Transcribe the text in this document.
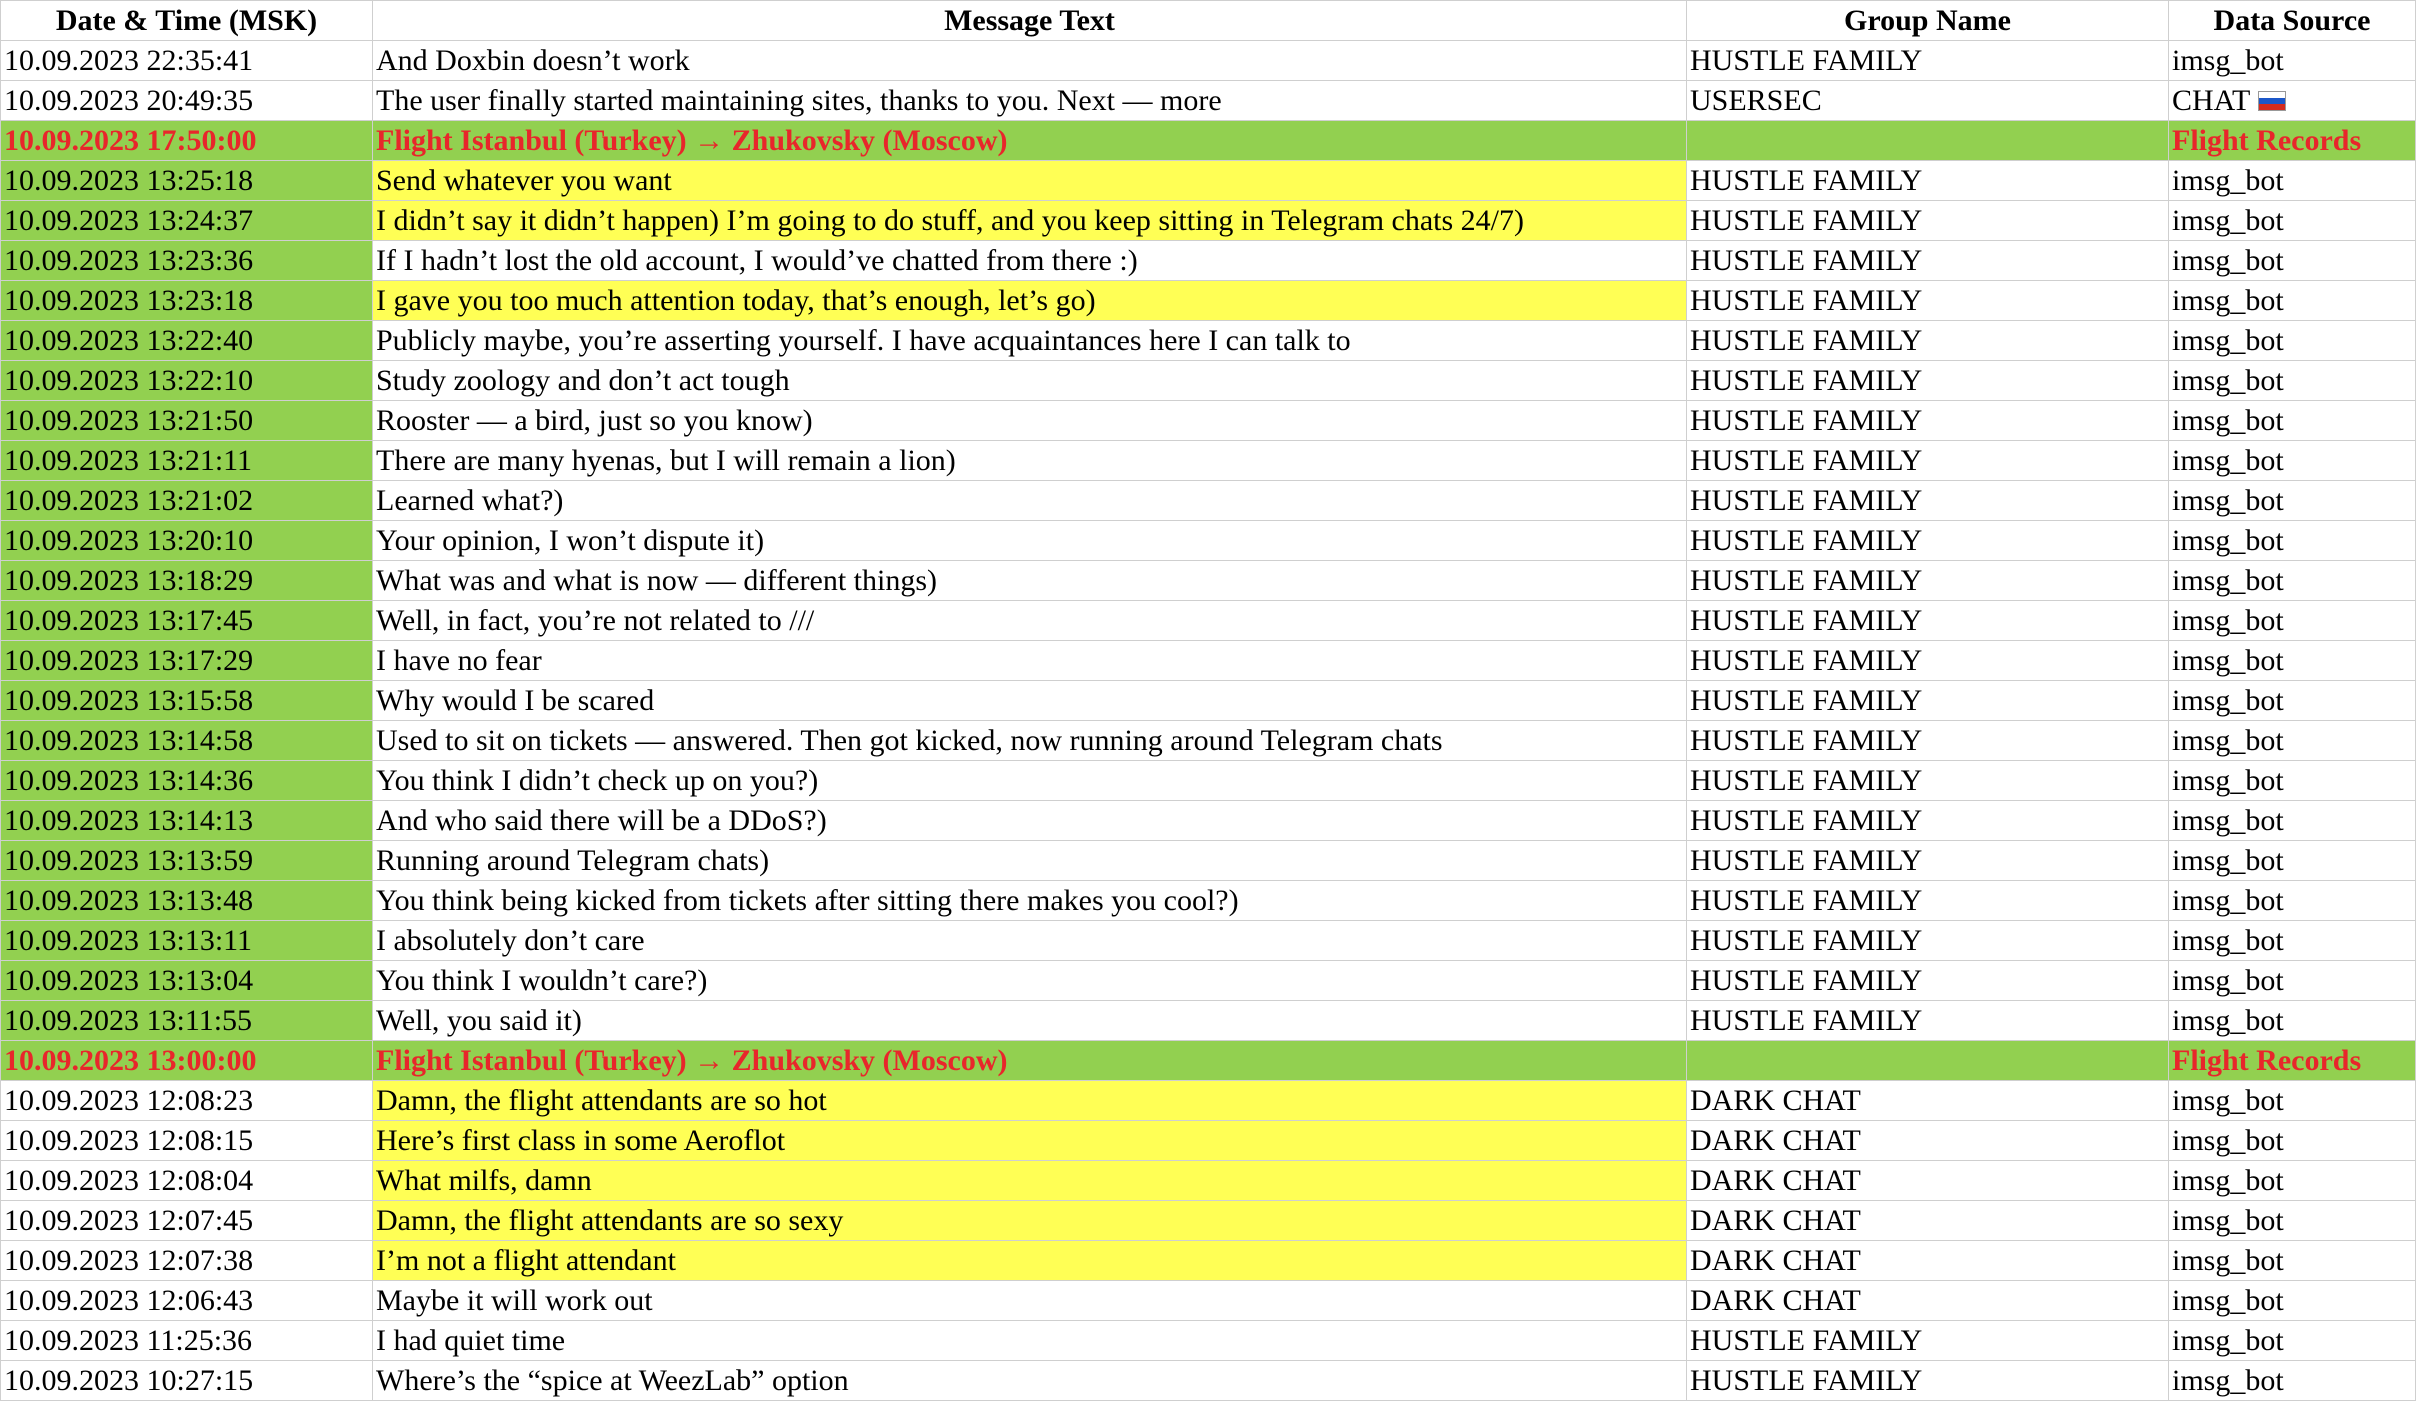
Date & Time (MSK)	Message Text	Group Name	Data Source
10.09.2023 22:35:41	And Doxbin doesn’t work	HUSTLE FAMILY	imsg_bot
10.09.2023 20:49:35	The user finally started maintaining sites, thanks to you. Next — more	USERSEC	CHAT
10.09.2023 17:50:00	Flight Istanbul (Turkey) → Zhukovsky (Moscow)		Flight Records
10.09.2023 13:25:18	Send whatever you want	HUSTLE FAMILY	imsg_bot
10.09.2023 13:24:37	I didn’t say it didn’t happen) I’m going to do stuff, and you keep sitting in Telegram chats 24/7)	HUSTLE FAMILY	imsg_bot
10.09.2023 13:23:36	If I hadn’t lost the old account, I would’ve chatted from there :)	HUSTLE FAMILY	imsg_bot
10.09.2023 13:23:18	I gave you too much attention today, that’s enough, let’s go)	HUSTLE FAMILY	imsg_bot
10.09.2023 13:22:40	Publicly maybe, you’re asserting yourself. I have acquaintances here I can talk to	HUSTLE FAMILY	imsg_bot
10.09.2023 13:22:10	Study zoology and don’t act tough	HUSTLE FAMILY	imsg_bot
10.09.2023 13:21:50	Rooster — a bird, just so you know)	HUSTLE FAMILY	imsg_bot
10.09.2023 13:21:11	There are many hyenas, but I will remain a lion)	HUSTLE FAMILY	imsg_bot
10.09.2023 13:21:02	Learned what?)	HUSTLE FAMILY	imsg_bot
10.09.2023 13:20:10	Your opinion, I won’t dispute it)	HUSTLE FAMILY	imsg_bot
10.09.2023 13:18:29	What was and what is now — different things)	HUSTLE FAMILY	imsg_bot
10.09.2023 13:17:45	Well, in fact, you’re not related to ///	HUSTLE FAMILY	imsg_bot
10.09.2023 13:17:29	I have no fear	HUSTLE FAMILY	imsg_bot
10.09.2023 13:15:58	Why would I be scared	HUSTLE FAMILY	imsg_bot
10.09.2023 13:14:58	Used to sit on tickets — answered. Then got kicked, now running around Telegram chats	HUSTLE FAMILY	imsg_bot
10.09.2023 13:14:36	You think I didn’t check up on you?)	HUSTLE FAMILY	imsg_bot
10.09.2023 13:14:13	And who said there will be a DDoS?)	HUSTLE FAMILY	imsg_bot
10.09.2023 13:13:59	Running around Telegram chats)	HUSTLE FAMILY	imsg_bot
10.09.2023 13:13:48	You think being kicked from tickets after sitting there makes you cool?)	HUSTLE FAMILY	imsg_bot
10.09.2023 13:13:11	I absolutely don’t care	HUSTLE FAMILY	imsg_bot
10.09.2023 13:13:04	You think I wouldn’t care?)	HUSTLE FAMILY	imsg_bot
10.09.2023 13:11:55	Well, you said it)	HUSTLE FAMILY	imsg_bot
10.09.2023 13:00:00	Flight Istanbul (Turkey) → Zhukovsky (Moscow)		Flight Records
10.09.2023 12:08:23	Damn, the flight attendants are so hot	DARK CHAT	imsg_bot
10.09.2023 12:08:15	Here’s first class in some Aeroflot	DARK CHAT	imsg_bot
10.09.2023 12:08:04	What milfs, damn	DARK CHAT	imsg_bot
10.09.2023 12:07:45	Damn, the flight attendants are so sexy	DARK CHAT	imsg_bot
10.09.2023 12:07:38	I’m not a flight attendant	DARK CHAT	imsg_bot
10.09.2023 12:06:43	Maybe it will work out	DARK CHAT	imsg_bot
10.09.2023 11:25:36	I had quiet time	HUSTLE FAMILY	imsg_bot
10.09.2023 10:27:15	Where’s the “spice at WeezLab” option	HUSTLE FAMILY	imsg_bot
